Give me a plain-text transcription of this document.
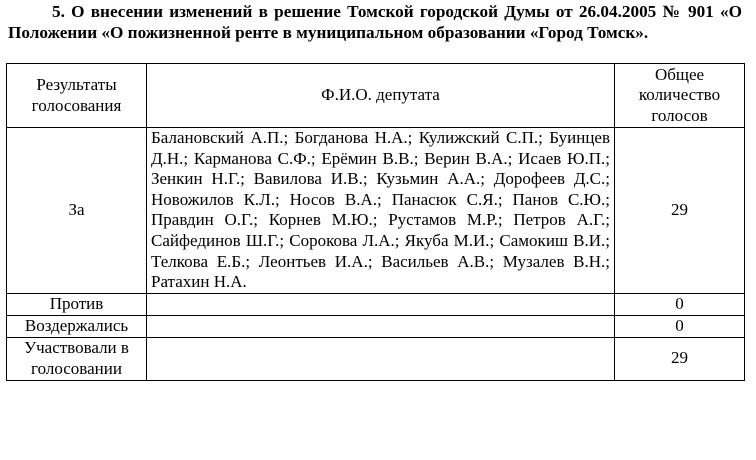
5. О внесении изменений в решение Томской городской Думы от 26.04.2005 № 901 «О Положении «О пожизненной ренте в муниципальном образовании «Город Томск».
Результаты голосования	Ф.И.О. депутата	Общее количество голосов
За	Балановский А.П.; Богданова Н.А.; Кулижский С.П.; Буинцев Д.Н.; Карманова С.Ф.; Ерёмин В.В.; Верин В.А.; Исаев Ю.П.; Зенкин Н.Г.; Вавилова И.В.; Кузьмин А.А.; Дорофеев Д.С.; Новожилов К.Л.; Носов В.А.; Панасюк С.Я.; Панов С.Ю.; Правдин О.Г.; Корнев М.Ю.; Рустамов М.Р.; Петров А.Г.; Сайфединов Ш.Г.; Сорокова Л.А.; Якуба М.И.; Самокиш В.И.; Телкова Е.Б.; Леонтьев И.А.; Васильев А.В.; Музалев В.Н.; Ратахин Н.А.	29
Против		0
Воздержались		0
Участвовали в голосовании		29
